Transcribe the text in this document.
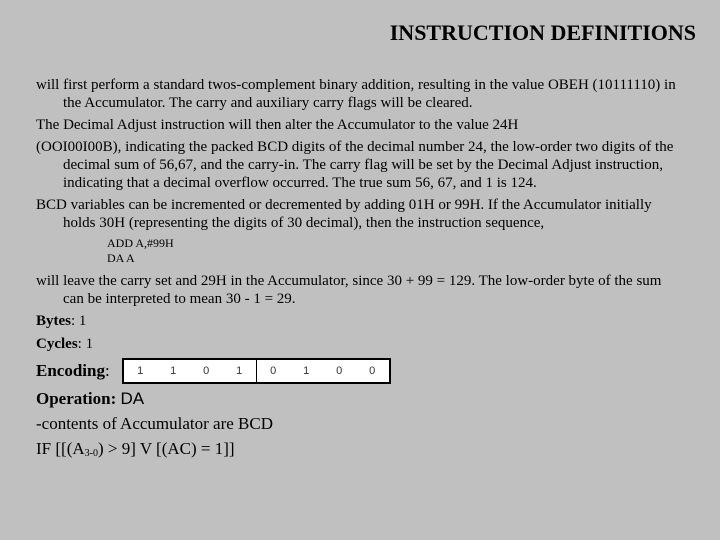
INSTRUCTION DEFINITIONS

will first perform a standard twos-complement binary addition, resulting in the value OBEH (10111110) in the Accumulator. The carry and auxiliary carry flags will be cleared.

The Decimal Adjust instruction will then alter the Accumulator to the value 24H

(OOI00I00B), indicating the packed BCD digits of the decimal number 24, the low-order two digits of the decimal sum of 56,67, and the carry-in. The carry flag will be set by the Decimal Adjust instruction, indicating that a decimal overflow occurred. The true sum 56, 67, and 1 is 124.

BCD variables can be incremented or decremented by adding 01H or 99H. If the Accumulator initially holds 30H (representing the digits of 30 decimal), then the instruction sequence,

ADD A,#99H
DA A

will leave the carry set and 29H in the Accumulator, since 30 + 99 = 129. The low-order byte of the sum can be interpreted to mean 30 - 1 = 29.

Bytes: 1
Cycles: 1
Encoding :	1	1	0	1	0	1	0	0
Operation: DA
-contents of Accumulator are BCD
IF [$[(A_{3-0}) > 9]$ V [(AC) = 1]]
